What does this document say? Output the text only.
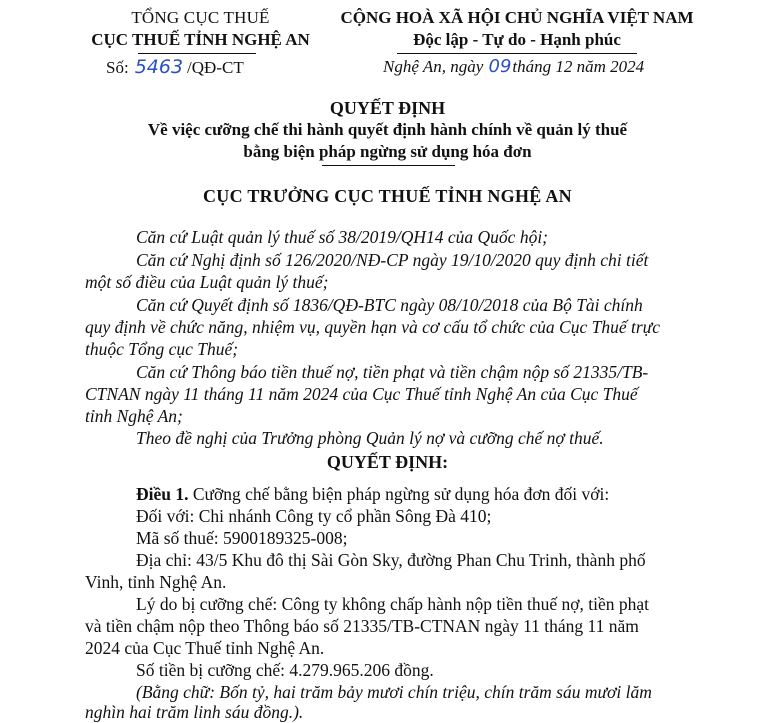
TỔNG CỤC THUẾ
CỤC THUẾ TỈNH NGHỆ AN
Số: 5463 /QĐ-CT
CỘNG HOÀ XÃ HỘI CHỦ NGHĨA VIỆT NAM
Độc lập - Tự do - Hạnh phúc
Nghệ An, ngày 09tháng 12 năm 2024
QUYẾT ĐỊNH
Về việc cưỡng chế thi hành quyết định hành chính về quản lý thuế
bằng biện pháp ngừng sử dụng hóa đơn
CỤC TRƯỞNG CỤC THUẾ TỈNH NGHỆ AN
Căn cứ Luật quản lý thuế số 38/2019/QH14 của Quốc hội;
Căn cứ Nghị định số 126/2020/NĐ-CP ngày 19/10/2020 quy định chi tiết
một số điều của Luật quản lý thuế;
Căn cứ Quyết định số 1836/QĐ-BTC ngày 08/10/2018 của Bộ Tài chính
quy định về chức năng, nhiệm vụ, quyền hạn và cơ cấu tổ chức của Cục Thuế trực
thuộc Tổng cục Thuế;
Căn cứ Thông báo tiền thuế nợ, tiền phạt và tiền chậm nộp số 21335/TB-
CTNAN ngày 11 tháng 11 năm 2024 của Cục Thuế tỉnh Nghệ An của Cục Thuế
tỉnh Nghệ An;
Theo đề nghị của Trưởng phòng Quản lý nợ và cưỡng chế nợ thuế.
QUYẾT ĐỊNH:
Điều 1. Cưỡng chế bằng biện pháp ngừng sử dụng hóa đơn đối với:
Đối với: Chi nhánh Công ty cổ phần Sông Đà 410;
Mã số thuế: 5900189325-008;
Địa chỉ: 43/5 Khu đô thị Sài Gòn Sky, đường Phan Chu Trinh, thành phố
Vinh, tỉnh Nghệ An.
Lý do bị cưỡng chế: Công ty không chấp hành nộp tiền thuế nợ, tiền phạt
và tiền chậm nộp theo Thông báo số 21335/TB-CTNAN ngày 11 tháng 11 năm
2024 của Cục Thuế tỉnh Nghệ An.
Số tiền bị cưỡng chế: 4.279.965.206 đồng.
(Bằng chữ: Bốn tỷ, hai trăm bảy mươi chín triệu, chín trăm sáu mươi lăm
nghìn hai trăm linh sáu đồng.).
